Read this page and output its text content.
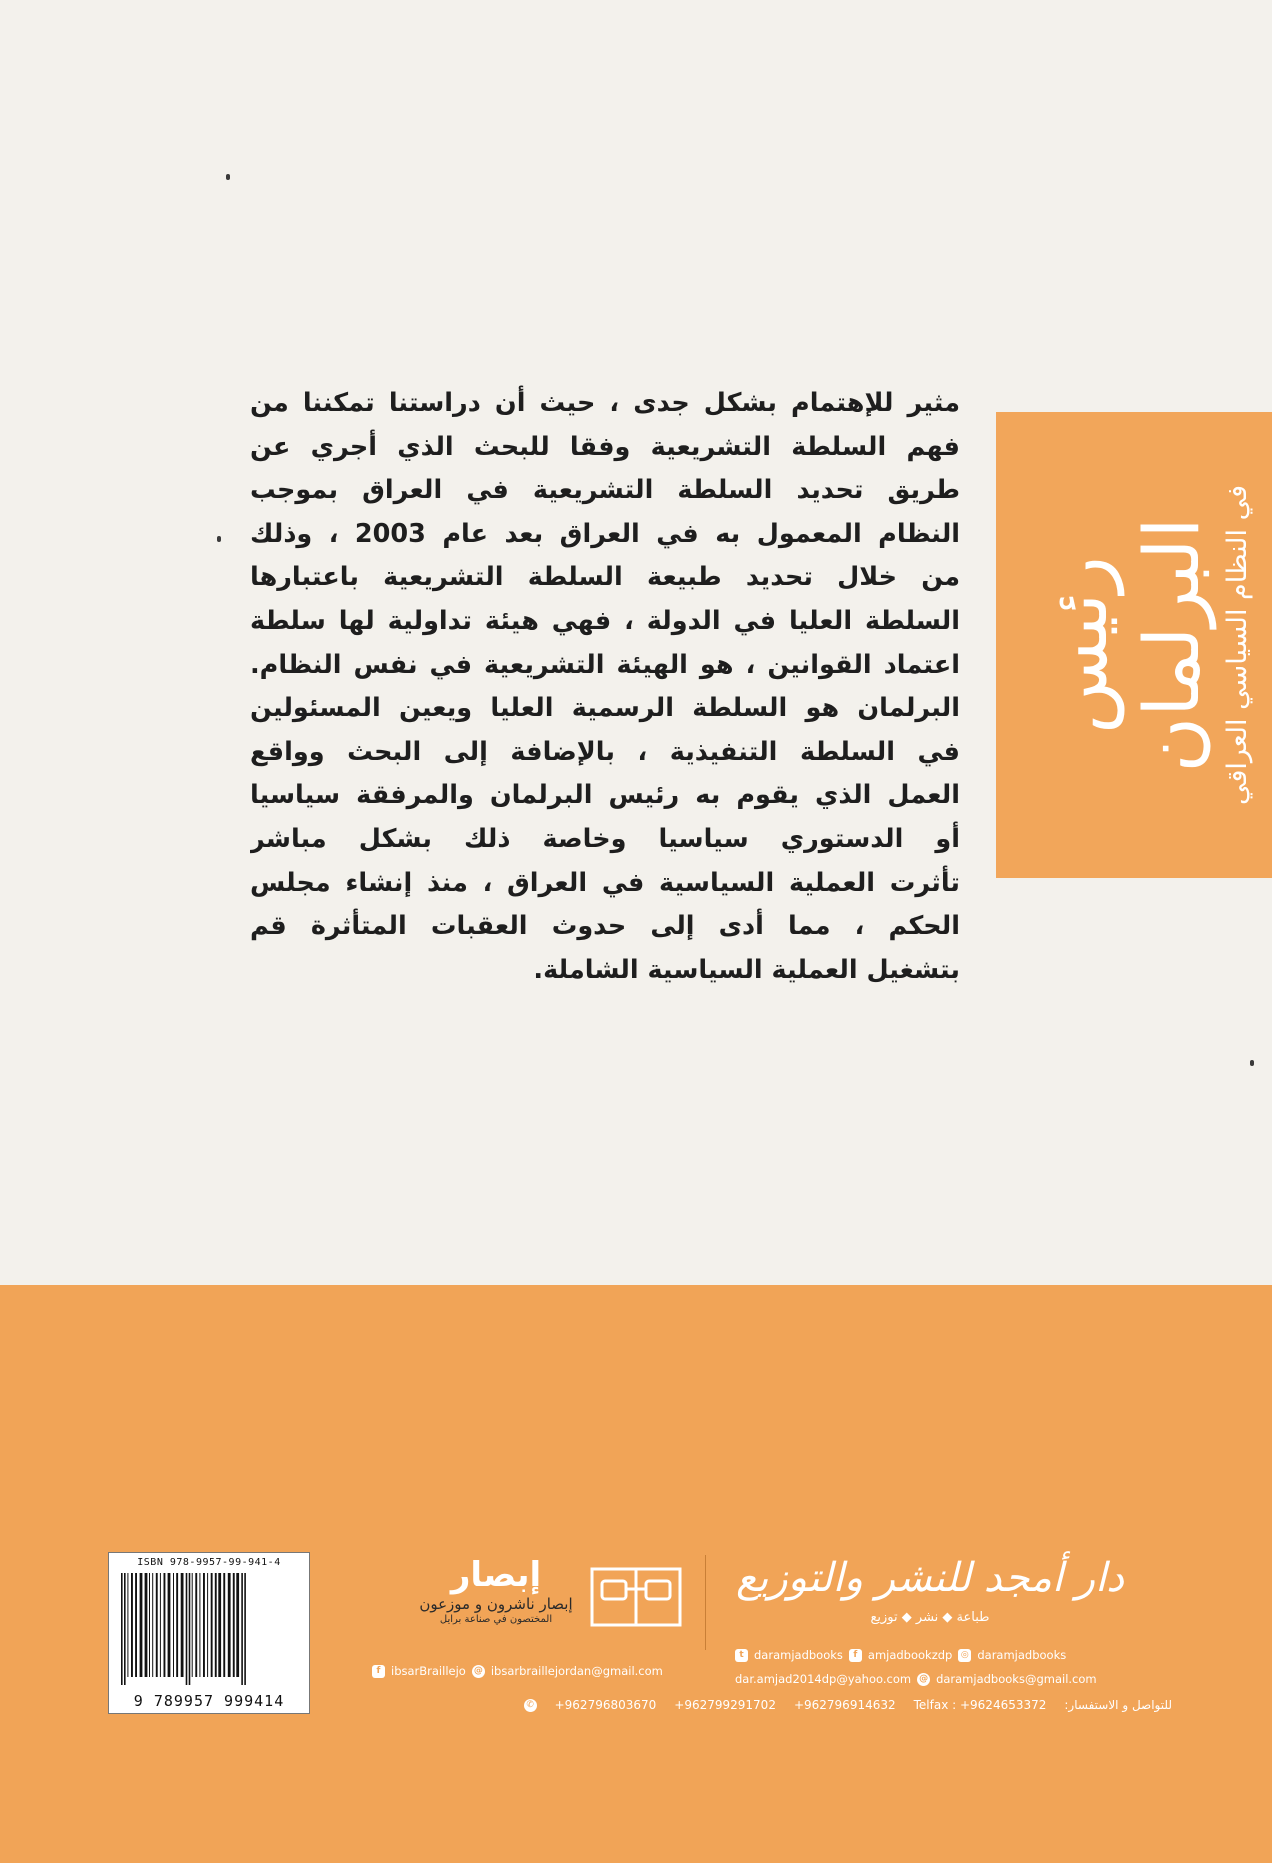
مثير للإهتمام بشكل جدى ، حيث أن دراستنا تمكننا من
فهم السلطة التشريعية وفقا للبحث الذي أجري عن
طريق تحديد السلطة التشريعية في العراق بموجب
النظام المعمول به في العراق بعد عام 2003 ، وذلك
من خلال تحديد طبيعة السلطة التشريعية باعتبارها
السلطة العليا في الدولة ، فهي هيئة تداولية لها سلطة
اعتماد القوانين ، هو الهيئة التشريعية في نفس النظام.
البرلمان هو السلطة الرسمية العليا ويعين المسئولين
في السلطة التنفيذية ، بالإضافة إلى البحث وواقع
العمل الذي يقوم به رئيس البرلمان والمرفقة سياسيا
أو الدستوري سياسيا وخاصة ذلك بشكل مباشر
تأثرت العملية السياسية في العراق ، منذ إنشاء مجلس
الحكم ، مما أدى إلى حدوث العقبات المتأثرة قم
بتشغيل العملية السياسية الشاملة.
رئيس البرلمان في النظام السياسي العراقي
ISBN 978-9957-99-941-4
9 789957 999414
إبصار
إبصار ناشرون و موزعون
المختصون في صناعة برايل
f ibsarBraillejo @ ibsarbraillejordan@gmail.com
دار أمجد للنشر والتوزيع
طباعة ◆ نشر ◆ توزيع
t daramjadbooks	f amjadbookzdp ◎ daramjadbooks
dar.amjad2014dp@yahoo.com @ daramjadbooks@gmail.com
للتواصل و الاستفسار:
Telfax : +9624653372
+962796914632
+962799291702
+962796803670
✆
